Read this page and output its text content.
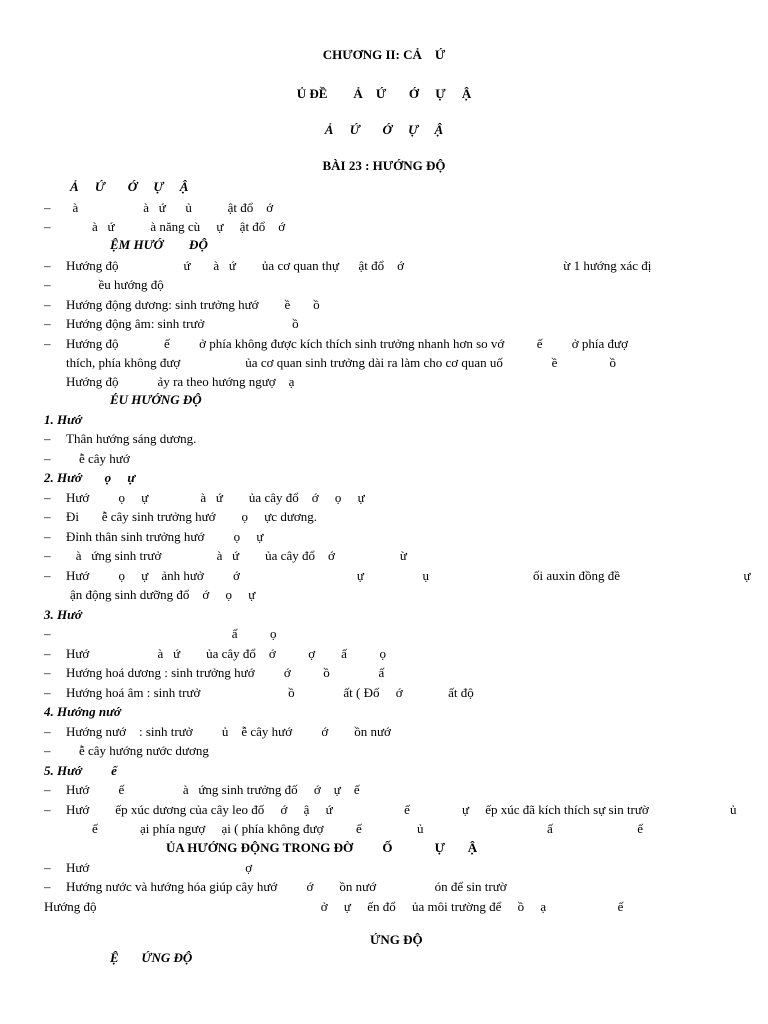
CHƯƠNG II: CẢ    Ứ
Ủ ĐỀ        Ả    Ứ       Ớ     Ự     Ậ
Ả     Ứ       Ớ     Ự     Ậ
BÀI 23 : HƯỚNG ĐỘ
Ả     Ứ       Ớ     Ự     Ậ
– à                    à   ứ      ủ           ật đổ    ớ
– à   ứ           à năng cù     ự     ật đổ    ớ
ỆM HƯỚ        ĐỘ
– Hướng độ                    ứ       à   ứ        ủa cơ quan thự      ật đổ    ớ                                                 ừ 1 hướng xác đị
– ều hướng độ
– Hướng động dương: sinh trưởng hướ        ề       ồ
– Hướng động âm: sinh trưở                           ồ
– Hướng độ              ế         ở phía không được kích thích sinh trưởng nhanh hơn so vớ          ế         ở phía đượ
thích, phía không đượ                    ủa cơ quan sinh trưởng dài ra làm cho cơ quan uố               ề                ồ
Hướng độ            ảy ra theo hướng ngượ    ạ
ÉU HƯỚNG ĐỘ
1. Hướ
– Thân hướng sáng dương.
– ễ cây hướ
2. Hướ       ọ     ự
– Hướ         ọ     ự                à   ứ        ủa cây đổ    ớ     ọ     ự
– Đi       ễ cây sinh trưởng hướ        ọ     ực dương.
– Đỉnh thân sinh trưởng hướ         ọ     ự
– à   ứng sinh trưở                 à   ứ        ủa cây đổ    ớ                    ừ
– Hướ         ọ     ự    ảnh hưở         ớ                                    ự                  ụ                                ối auxin đồng đề                                      ự
ận động sinh dưỡng đổ    ớ     ọ     ự
3. Hướ
– ấ          ọ
– Hướ                     à   ứ        ủa cây đổ    ớ          ợ        ấ          ọ
– Hướng hoá dương : sinh trưởng hướ         ớ          ồ               ấ
– Hướng hoá âm : sinh trưở                           ồ               ất ( Đố     ớ              ất độ
4. Hướng nướ
– Hướng nướ    : sinh trưở         ủ    ễ cây hướ         ớ        ồn nướ
– ễ cây hướng nước dương
5. Hướ         ế
– Hướ         ế                  à   ứng sinh trưởng đố     ớ    ự    ế
– Hướ        ếp xúc dương của cây leo đố     ớ     ậ     ứ                      ế                ự     ếp xúc đã kích thích sự sin trườ                         ủ
ế             ại phía ngượ     ại ( phía không đượ          ế                 ủ                                      ấ                          ế
ỦA HƯỚNG ĐỘNG TRONG ĐỜ         Ố             Ự       Ậ
– Hướ                                                ợ
– Hướng nước và hướng hóa giúp cây hướ         ớ        ồn nướ                  ón để sin trườ
Hướng độ                                                                     ở     ự     ến đổ     ủa môi trường để     ồ     ạ                      ế
ỨNG ĐỘ
Ệ       ỨNG ĐỘ
